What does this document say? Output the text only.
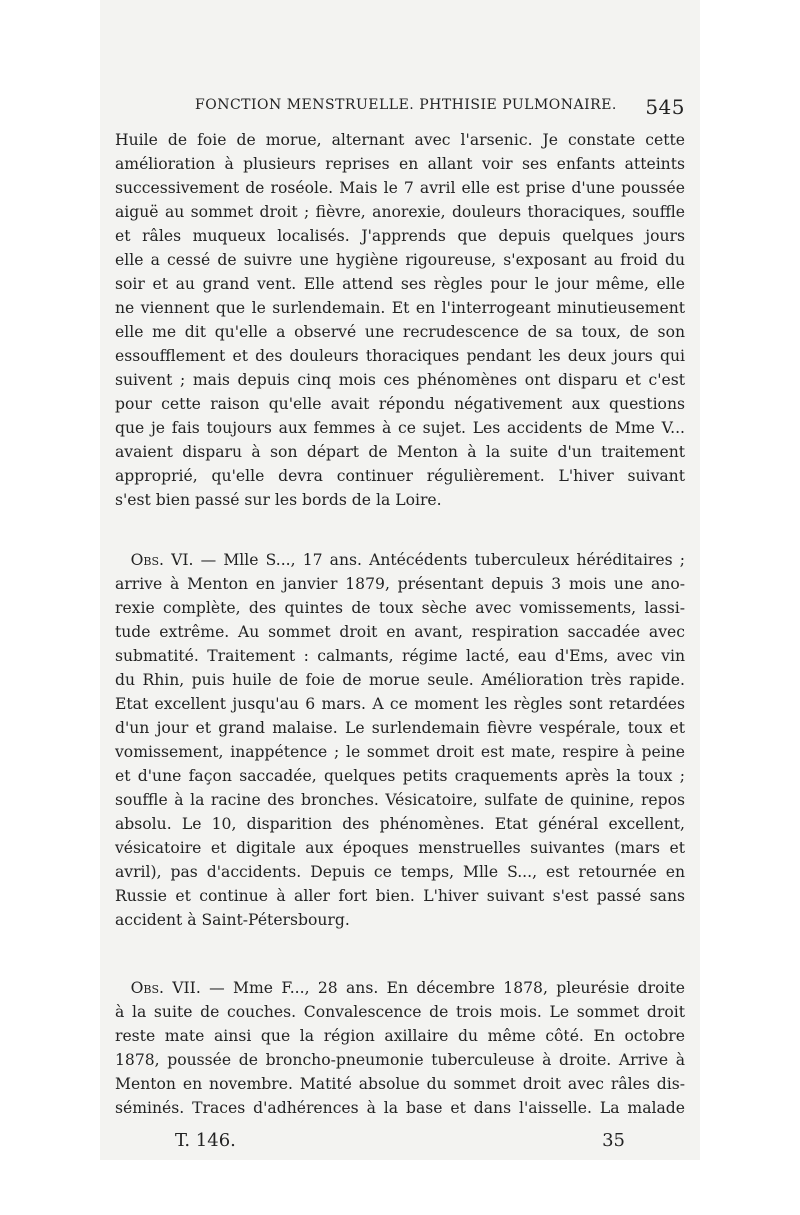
FONCTION MENSTRUELLE. PHTHISIE PULMONAIRE. 545
Huile de foie de morue, alternant avec l'arsenic. Je constate cette
amélioration à plusieurs reprises en allant voir ses enfants atteints
successivement de roséole. Mais le 7 avril elle est prise d'une poussée
aiguë au sommet droit ; fièvre, anorexie, douleurs thoraciques, souffle
et râles muqueux localisés. J'apprends que depuis quelques jours
elle a cessé de suivre une hygiène rigoureuse, s'exposant au froid du
soir et au grand vent. Elle attend ses règles pour le jour même, elle
ne viennent que le surlendemain. Et en l'interrogeant minutieusement
elle me dit qu'elle a observé une recrudescence de sa toux, de son
essoufflement et des douleurs thoraciques pendant les deux jours qui
suivent ; mais depuis cinq mois ces phénomènes ont disparu et c'est
pour cette raison qu'elle avait répondu négativement aux questions
que je fais toujours aux femmes à ce sujet. Les accidents de Mme V...
avaient disparu à son départ de Menton à la suite d'un traitement
approprié, qu'elle devra continuer régulièrement. L'hiver suivant
s'est bien passé sur les bords de la Loire.
 Obs. VI. — Mlle S..., 17 ans. Antécédents tuberculeux héréditaires ;
arrive à Menton en janvier 1879, présentant depuis 3 mois une ano-
rexie complète, des quintes de toux sèche avec vomissements, lassi-
tude extrême. Au sommet droit en avant, respiration saccadée avec
submatité. Traitement : calmants, régime lacté, eau d'Ems, avec vin
du Rhin, puis huile de foie de morue seule. Amélioration très rapide.
Etat excellent jusqu'au 6 mars. A ce moment les règles sont retardées
d'un jour et grand malaise. Le surlendemain fièvre vespérale, toux et
vomissement, inappétence ; le sommet droit est mate, respire à peine
et d'une façon saccadée, quelques petits craquements après la toux ;
souffle à la racine des bronches. Vésicatoire, sulfate de quinine, repos
absolu. Le 10, disparition des phénomènes. Etat général excellent,
vésicatoire et digitale aux époques menstruelles suivantes (mars et
avril), pas d'accidents. Depuis ce temps, Mlle S..., est retournée en
Russie et continue à aller fort bien. L'hiver suivant s'est passé sans
accident à Saint-Pétersbourg.
 Obs. VII. — Mme F..., 28 ans. En décembre 1878, pleurésie droite
à la suite de couches. Convalescence de trois mois. Le sommet droit
reste mate ainsi que la région axillaire du même côté. En octobre
1878, poussée de broncho-pneumonie tuberculeuse à droite. Arrive à
Menton en novembre. Matité absolue du sommet droit avec râles dis-
séminés. Traces d'adhérences à la base et dans l'aisselle. La malade
T. 146.	35
